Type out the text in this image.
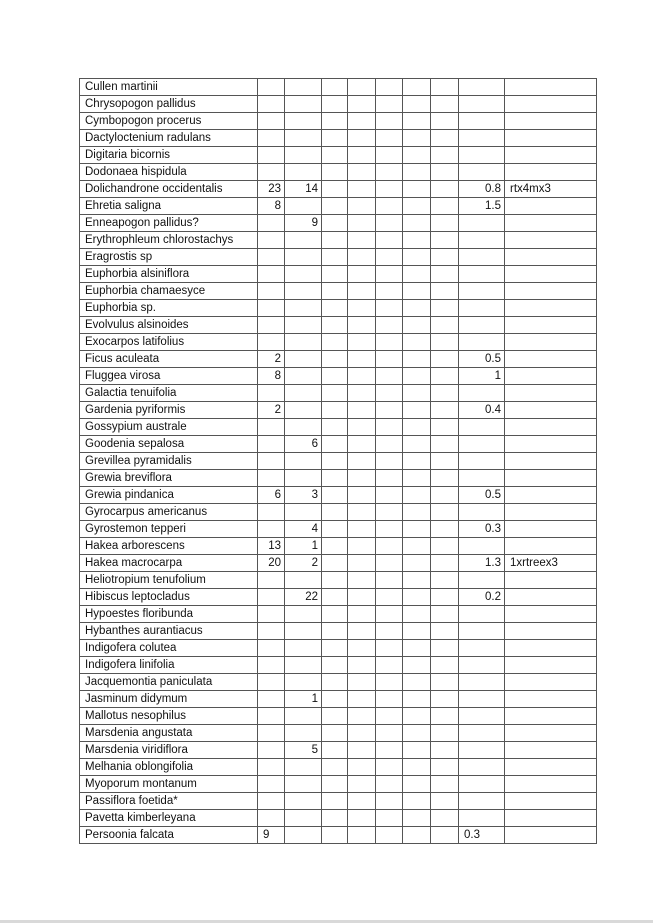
Cullen martinii									
Chrysopogon pallidus									
Cymbopogon procerus									
Dactyloctenium radulans									
Digitaria bicornis									
Dodonaea hispidula									
Dolichandrone occidentalis	23	14						0.8	rtx4mx3
Ehretia saligna	8							1.5	
Enneapogon pallidus?		9							
Erythrophleum chlorostachys									
Eragrostis sp									
Euphorbia alsiniflora									
Euphorbia chamaesyce									
Euphorbia sp.									
Evolvulus alsinoides									
Exocarpos latifolius									
Ficus aculeata	2							0.5	
Fluggea virosa	8							1	
Galactia tenuifolia									
Gardenia pyriformis	2							0.4	
Gossypium australe									
Goodenia sepalosa		6							
Grevillea pyramidalis									
Grewia breviflora									
Grewia pindanica	6	3						0.5	
Gyrocarpus americanus									
Gyrostemon tepperi		4						0.3	
Hakea arborescens	13	1							
Hakea macrocarpa	20	2						1.3	1xrtreex3
Heliotropium tenufolium									
Hibiscus leptocladus		22						0.2	
Hypoestes floribunda									
Hybanthes aurantiacus									
Indigofera colutea									
Indigofera linifolia									
Jacquemontia paniculata									
Jasminum didymum		1							
Mallotus nesophilus									
Marsdenia angustata									
Marsdenia viridiflora		5							
Melhania oblongifolia									
Myoporum montanum									
Passiflora foetida*									
Pavetta kimberleyana									
Persoonia falcata	9							0.3	
